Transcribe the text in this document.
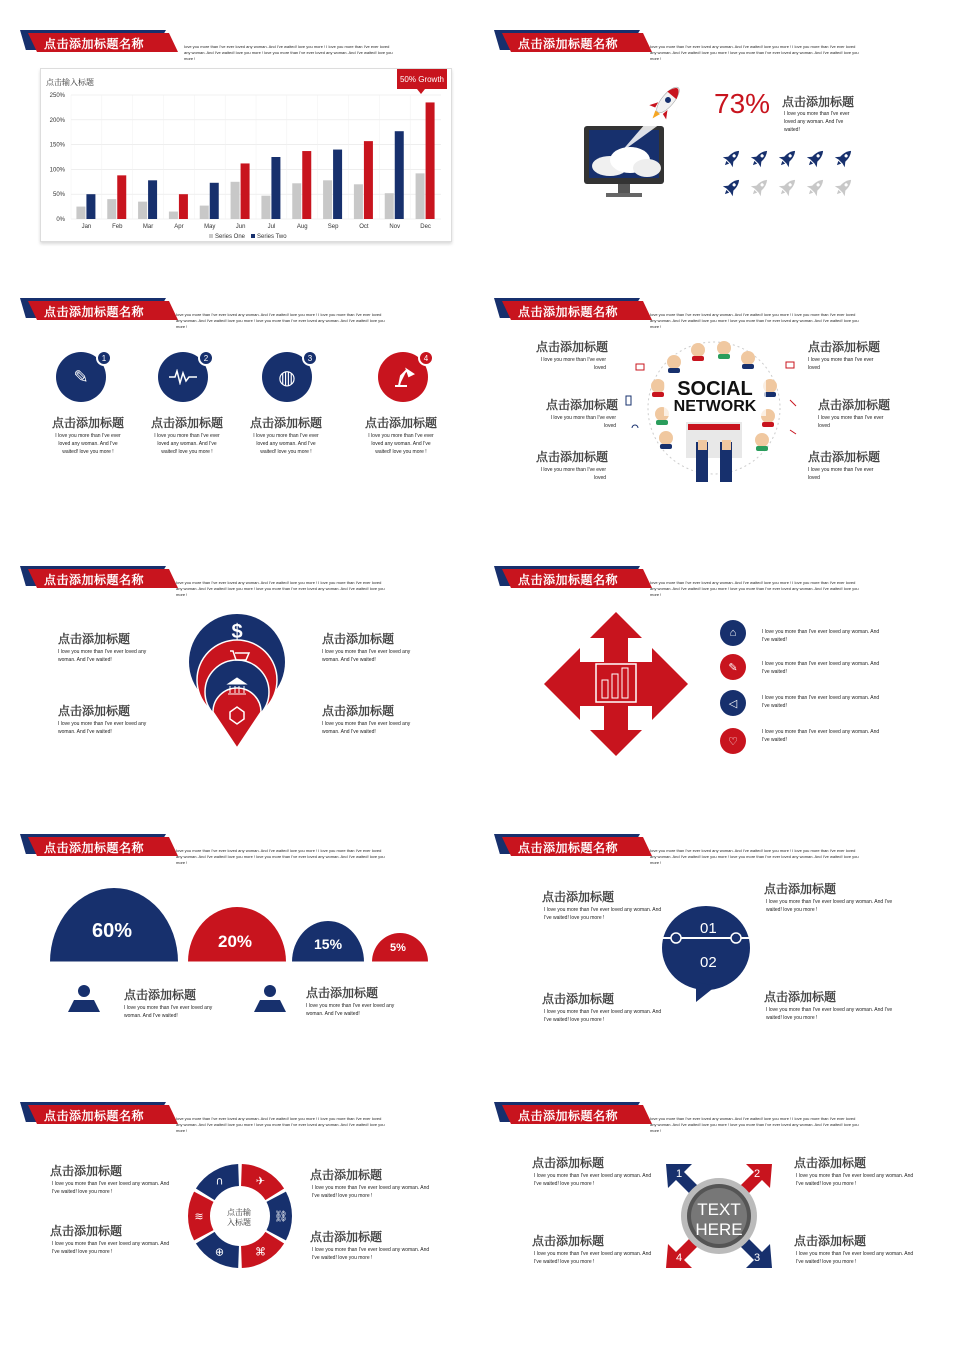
点击添加标题名称	Iove you more than I've ever loved any woman. And I've waited! love you more ! I love you more than I've ever loved any woman. And I've waited! love you more ! love you more than I've ever loved any woman. And I've waited! love you more !
点击输入标题	50% Growth
0%
50%
100%
150%
200%
250%
Jan	Feb	Mar	Apr	May	Jun	Jul	Aug	Sep	Oct	Nov	Dec
Series One Series Two
点击添加标题名称	Iove you more than I've ever loved any woman. And I've waited! love you more ! I love you more than I've ever loved any woman. And I've waited! love you more ! love you more than I've ever loved any woman. And I've waited! love you more !
73% 点击添加标题
I love you more than I've ever loved any woman. And I've waited!
点击添加标题名称	Iove you more than I've ever loved any woman. And I've waited! love you more ! I love you more than I've ever loved any woman. And I've waited! love you more ! love you more than I've ever loved any woman. And I've waited! love you more !
✎
1	2
◍
3	4
点击添加标题
I love you more than I've ever loved any woman. And I've waited! love you more !
点击添加标题
I love you more than I've ever loved any woman. And I've waited! love you more !
点击添加标题
I love you more than I've ever loved any woman. And I've waited! love you more !
点击添加标题
I love you more than I've ever loved any woman. And I've waited! love you more !
点击添加标题名称	Iove you more than I've ever loved any woman. And I've waited! love you more ! I love you more than I've ever loved any woman. And I've waited! love you more ! love you more than I've ever loved any woman. And I've waited! love you more !
SOCIAL
NETWORK
点击添加标题
I love you more than I've ever loved
点击添加标题
I love you more than I've ever loved
点击添加标题
I love you more than I've ever loved
点击添加标题
I love you more than I've ever loved
点击添加标题
I love you more than I've ever loved
点击添加标题
I love you more than I've ever loved
点击添加标题名称	Iove you more than I've ever loved any woman. And I've waited! love you more ! I love you more than I've ever loved any woman. And I've waited! love you more ! love you more than I've ever loved any woman. And I've waited! love you more !
$
点击添加标题
I love you more than I've ever loved any woman. And I've waited!
点击添加标题
I love you more than I've ever loved any woman. And I've waited!
点击添加标题
I love you more than I've ever loved any woman. And I've waited!
点击添加标题
I love you more than I've ever loved any woman. And I've waited!
点击添加标题名称	Iove you more than I've ever loved any woman. And I've waited! love you more ! I love you more than I've ever loved any woman. And I've waited! love you more ! love you more than I've ever loved any woman. And I've waited! love you more !
⌂
✎
◁
♡
I love you more than I've ever loved any woman. And I've waited!
I love you more than I've ever loved any woman. And I've waited!
I love you more than I've ever loved any woman. And I've waited!
I love you more than I've ever loved any woman. And I've waited!
点击添加标题名称	Iove you more than I've ever loved any woman. And I've waited! love you more ! I love you more than I've ever loved any woman. And I've waited! love you more ! love you more than I've ever loved any woman. And I've waited! love you more !
60%	20%	15%	5%
点击添加标题
I love you more than I've ever loved any woman. And I've waited!
点击添加标题
I love you more than I've ever loved any woman. And I've waited!
点击添加标题名称	Iove you more than I've ever loved any woman. And I've waited! love you more ! I love you more than I've ever loved any woman. And I've waited! love you more ! love you more than I've ever loved any woman. And I've waited! love you more !
01
02
点击添加标题
I love you more than I've ever loved any woman. And I've waited! love you more !
点击添加标题
I love you more than I've ever loved any woman. And I've waited! love you more !
点击添加标题
I love you more than I've ever loved any woman. And I've waited! love you more !
点击添加标题
I love you more than I've ever loved any woman. And I've waited! love you more !
点击添加标题名称	Iove you more than I've ever loved any woman. And I've waited! love you more ! I love you more than I've ever loved any woman. And I've waited! love you more ! love you more than I've ever loved any woman. And I've waited! love you more !
✈
⛓
⌘
⊕
≋
∩
点击输入标题
点击添加标题
I love you more than I've ever loved any woman. And I've waited! love you more !
点击添加标题
I love you more than I've ever loved any woman. And I've waited! love you more !
点击添加标题
I love you more than I've ever loved any woman. And I've waited! love you more !
点击添加标题
I love you more than I've ever loved any woman. And I've waited! love you more !
点击添加标题名称	Iove you more than I've ever loved any woman. And I've waited! love you more ! I love you more than I've ever loved any woman. And I've waited! love you more ! love you more than I've ever loved any woman. And I've waited! love you more !
TEXT
HERE
1	2
3
4
点击添加标题
I love you more than I've ever loved any woman. And I've waited! love you more !
点击添加标题
I love you more than I've ever loved any woman. And I've waited! love you more !
点击添加标题
I love you more than I've ever loved any woman. And I've waited! love you more !
点击添加标题
I love you more than I've ever loved any woman. And I've waited! love you more !
